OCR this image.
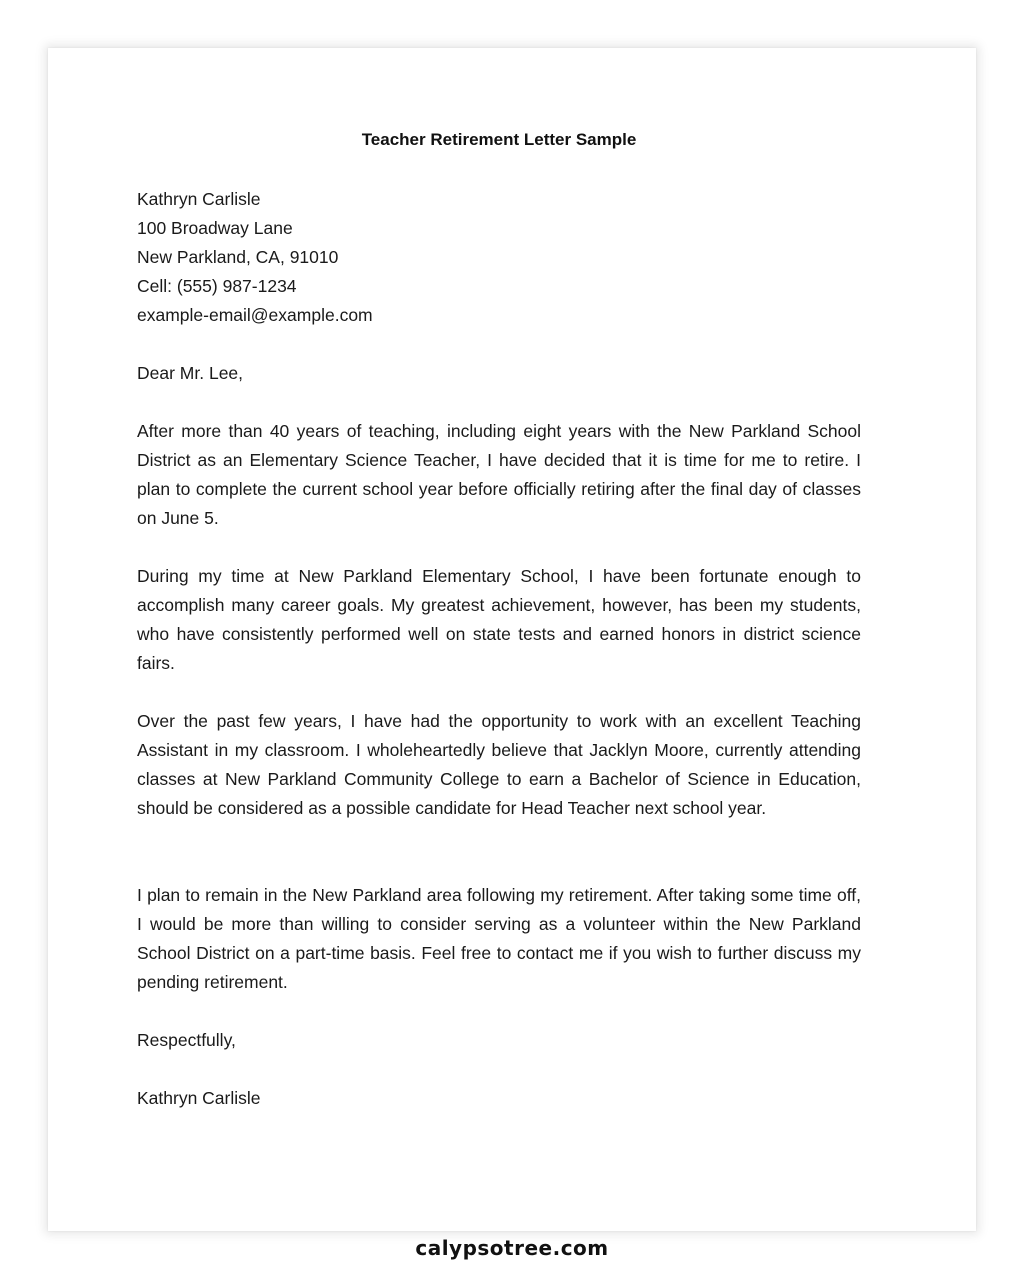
Teacher Retirement Letter Sample
Kathryn Carlisle
100 Broadway Lane
New Parkland, CA, 91010
Cell: (555) 987-1234
example-email@example.com
Dear Mr. Lee,

After more than 40 years of teaching, including eight years with the New Parkland School District as an Elementary Science Teacher, I have decided that it is time for me to retire. I plan to complete the current school year before officially retiring after the final day of classes on June 5.

During my time at New Parkland Elementary School, I have been fortunate enough to accomplish many career goals. My greatest achievement, however, has been my students, who have consistently performed well on state tests and earned honors in district science fairs.

Over the past few years, I have had the opportunity to work with an excellent Teaching Assistant in my classroom. I wholeheartedly believe that Jacklyn Moore, currently attending classes at New Parkland Community College to earn a Bachelor of Science in Education, should be considered as a possible candidate for Head Teacher next school year.

I plan to remain in the New Parkland area following my retirement. After taking some time off, I would be more than willing to consider serving as a volunteer within the New Parkland School District on a part-time basis. Feel free to contact me if you wish to further discuss my pending retirement.

Respectfully,
Kathryn Carlisle
calypsotree.com
